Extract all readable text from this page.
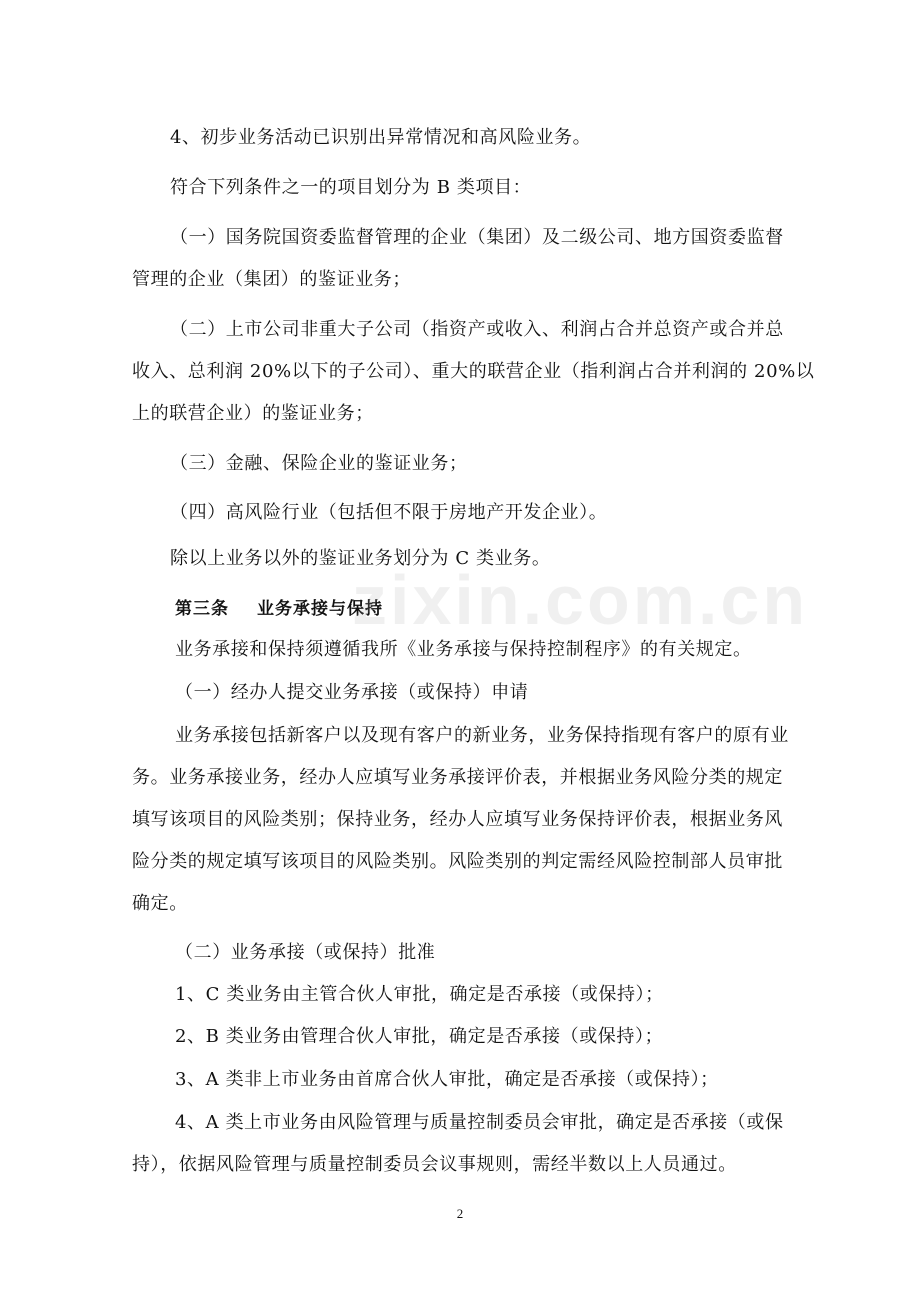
4、初步业务活动已识别出异常情况和高风险业务。
符合下列条件之一的项目划分为 B 类项目：
（一）国务院国资委监督管理的企业（集团）及二级公司、地方国资委监督
管理的企业（集团）的鉴证业务；
（二）上市公司非重大子公司（指资产或收入、利润占合并总资产或合并总
收入、总利润 20%以下的子公司）、重大的联营企业（指利润占合并利润的 20%以
上的联营企业）的鉴证业务；
（三）金融、保险企业的鉴证业务；
（四）高风险行业（包括但不限于房地产开发企业）。
除以上业务以外的鉴证业务划分为 C 类业务。
第三条 业务承接与保持
业务承接和保持须遵循我所《业务承接与保持控制程序》的有关规定。
（一）经办人提交业务承接（或保持）申请
业务承接包括新客户以及现有客户的新业务，业务保持指现有客户的原有业
务。业务承接业务，经办人应填写业务承接评价表，并根据业务风险分类的规定
填写该项目的风险类别；保持业务，经办人应填写业务保持评价表，根据业务风
险分类的规定填写该项目的风险类别。风险类别的判定需经风险控制部人员审批
确定。
（二）业务承接（或保持）批准
1、C 类业务由主管合伙人审批，确定是否承接（或保持）；
2、B 类业务由管理合伙人审批，确定是否承接（或保持）；
3、A 类非上市业务由首席合伙人审批，确定是否承接（或保持）；
4、A 类上市业务由风险管理与质量控制委员会审批，确定是否承接（或保
持），依据风险管理与质量控制委员会议事规则，需经半数以上人员通过。
zixin.com.cn
2
